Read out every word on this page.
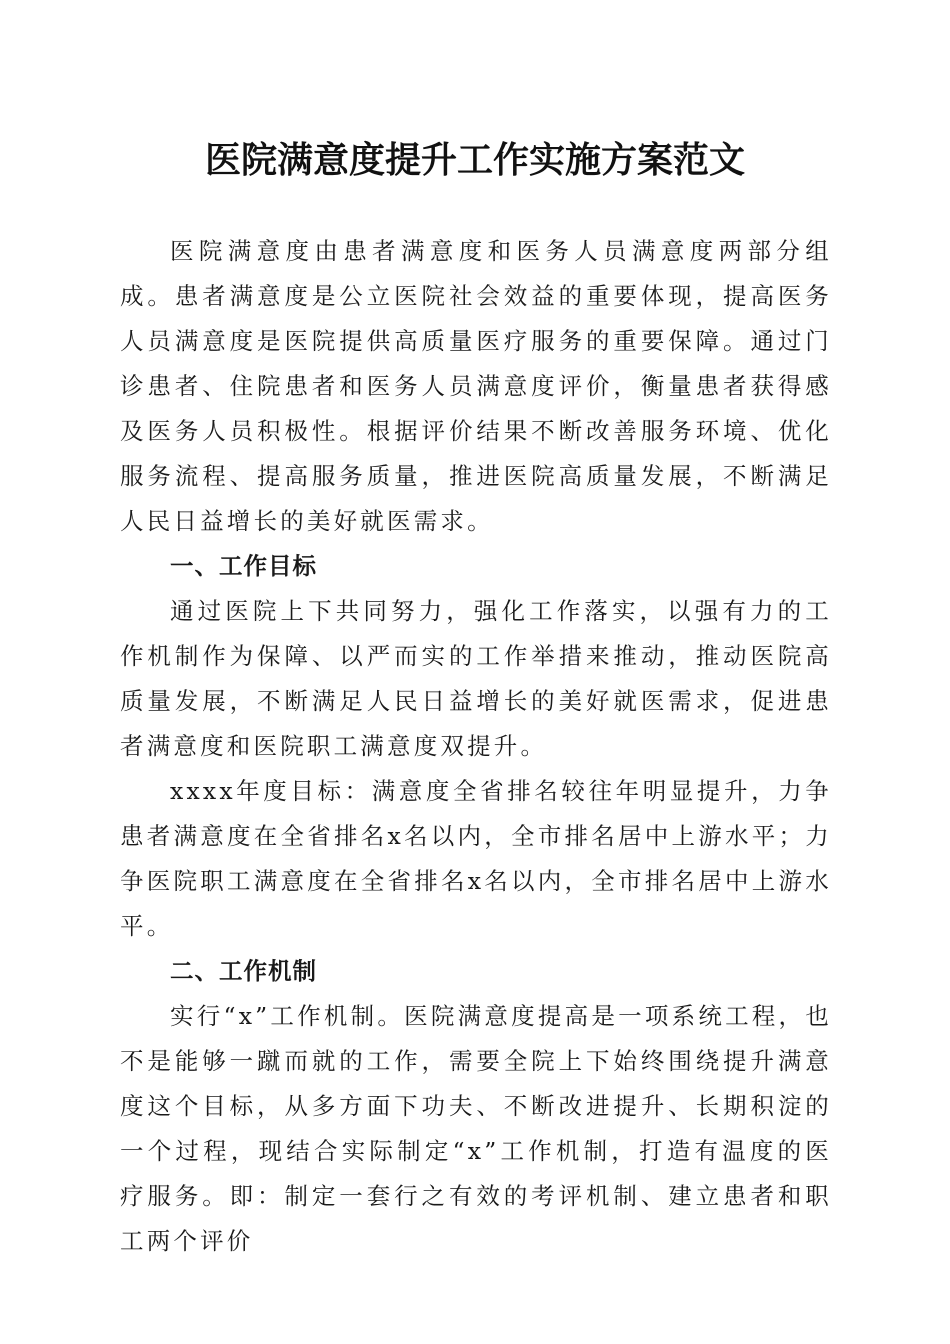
医院满意度提升工作实施方案范文

医院满意度由患者满意度和医务人员满意度两部分组成。患者满意度是公立医院社会效益的重要体现，提高医务人员满意度是医院提供高质量医疗服务的重要保障。通过门诊患者、住院患者和医务人员满意度评价，衡量患者获得感及医务人员积极性。根据评价结果不断改善服务环境、优化服务流程、提高服务质量，推进医院高质量发展，不断满足人民日益增长的美好就医需求。

一、工作目标

通过医院上下共同努力，强化工作落实，以强有力的工作机制作为保障、以严而实的工作举措来推动，推动医院高质量发展，不断满足人民日益增长的美好就医需求，促进患者满意度和医院职工满意度双提升。

xxxx年度目标：满意度全省排名较往年明显提升，力争患者满意度在全省排名x名以内，全市排名居中上游水平；力争医院职工满意度在全省排名x名以内，全市排名居中上游水平。

二、工作机制

实行“x”工作机制。医院满意度提高是一项系统工程，也不是能够一蹴而就的工作，需要全院上下始终围绕提升满意度这个目标，从多方面下功夫、不断改进提升、长期积淀的一个过程，现结合实际制定“x”工作机制，打造有温度的医疗服务。即：制定一套行之有效的考评机制、建立患者和职工两个评价
